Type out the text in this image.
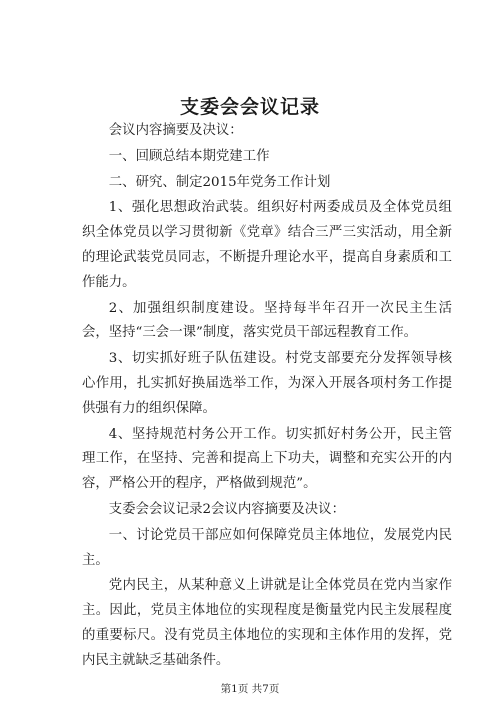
支委会会议记录

会议内容摘要及决议：

一、回顾总结本期党建工作

二、研究、制定2015年党务工作计划

1、强化思想政治武装。组织好村两委成员及全体党员组织全体党员以学习贯彻新《党章》结合三严三实活动，用全新的理论武装党员同志，不断提升理论水平，提高自身素质和工作能力。

2、加强组织制度建设。坚持每半年召开一次民主生活会，坚持“三会一课”制度，落实党员干部远程教育工作。

3、切实抓好班子队伍建设。村党支部要充分发挥领导核心作用，扎实抓好换届选举工作，为深入开展各项村务工作提供强有力的组织保障。

4、坚持规范村务公开工作。切实抓好村务公开，民主管理工作，在坚持、完善和提高上下功夫，调整和充实公开的内容，严格公开的程序，严格做到规范”。

支委会会议记录2会议内容摘要及决议：

一、讨论党员干部应如何保障党员主体地位，发展党内民主。

党内民主，从某种意义上讲就是让全体党员在党内当家作主。因此，党员主体地位的实现程度是衡量党内民主发展程度的重要标尺。没有党员主体地位的实现和主体作用的发挥，党内民主就缺乏基础条件。

第1页 共7页
